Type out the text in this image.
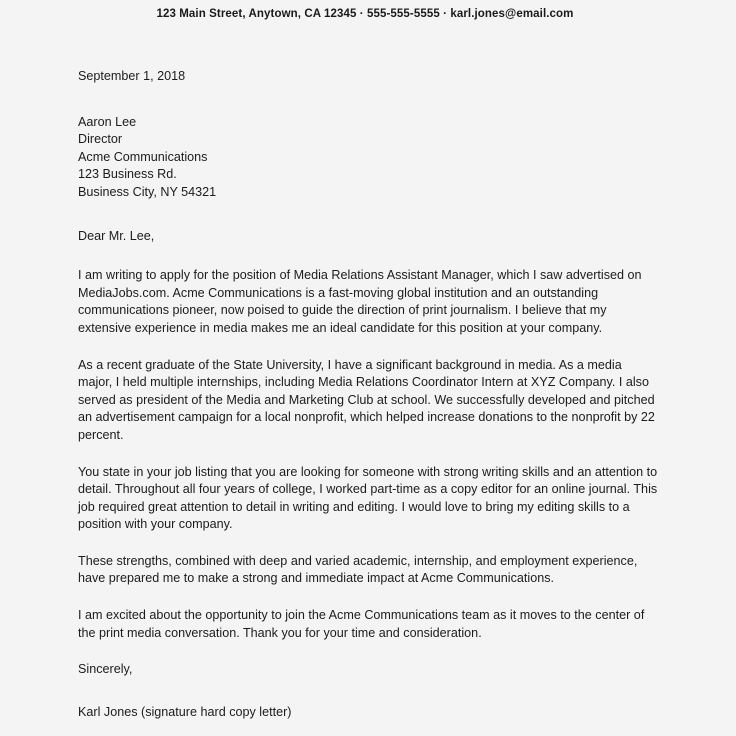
123 Main Street, Anytown, CA 12345 · 555-555-5555 · karl.jones@email.com

September 1, 2018

Aaron Lee
Director
Acme Communications
123 Business Rd.
Business City, NY 54321

Dear Mr. Lee,

I am writing to apply for the position of Media Relations Assistant Manager, which I saw advertised on MediaJobs.com. Acme Communications is a fast-moving global institution and an outstanding communications pioneer, now poised to guide the direction of print journalism. I believe that my extensive experience in media makes me an ideal candidate for this position at your company.

As a recent graduate of the State University, I have a significant background in media. As a media major, I held multiple internships, including Media Relations Coordinator Intern at XYZ Company. I also served as president of the Media and Marketing Club at school. We successfully developed and pitched an advertisement campaign for a local nonprofit, which helped increase donations to the nonprofit by 22 percent.

You state in your job listing that you are looking for someone with strong writing skills and an attention to detail. Throughout all four years of college, I worked part-time as a copy editor for an online journal. This job required great attention to detail in writing and editing. I would love to bring my editing skills to a position with your company.

These strengths, combined with deep and varied academic, internship, and employment experience, have prepared me to make a strong and immediate impact at Acme Communications.

I am excited about the opportunity to join the Acme Communications team as it moves to the center of the print media conversation. Thank you for your time and consideration.

Sincerely,

Karl Jones (signature hard copy letter)
